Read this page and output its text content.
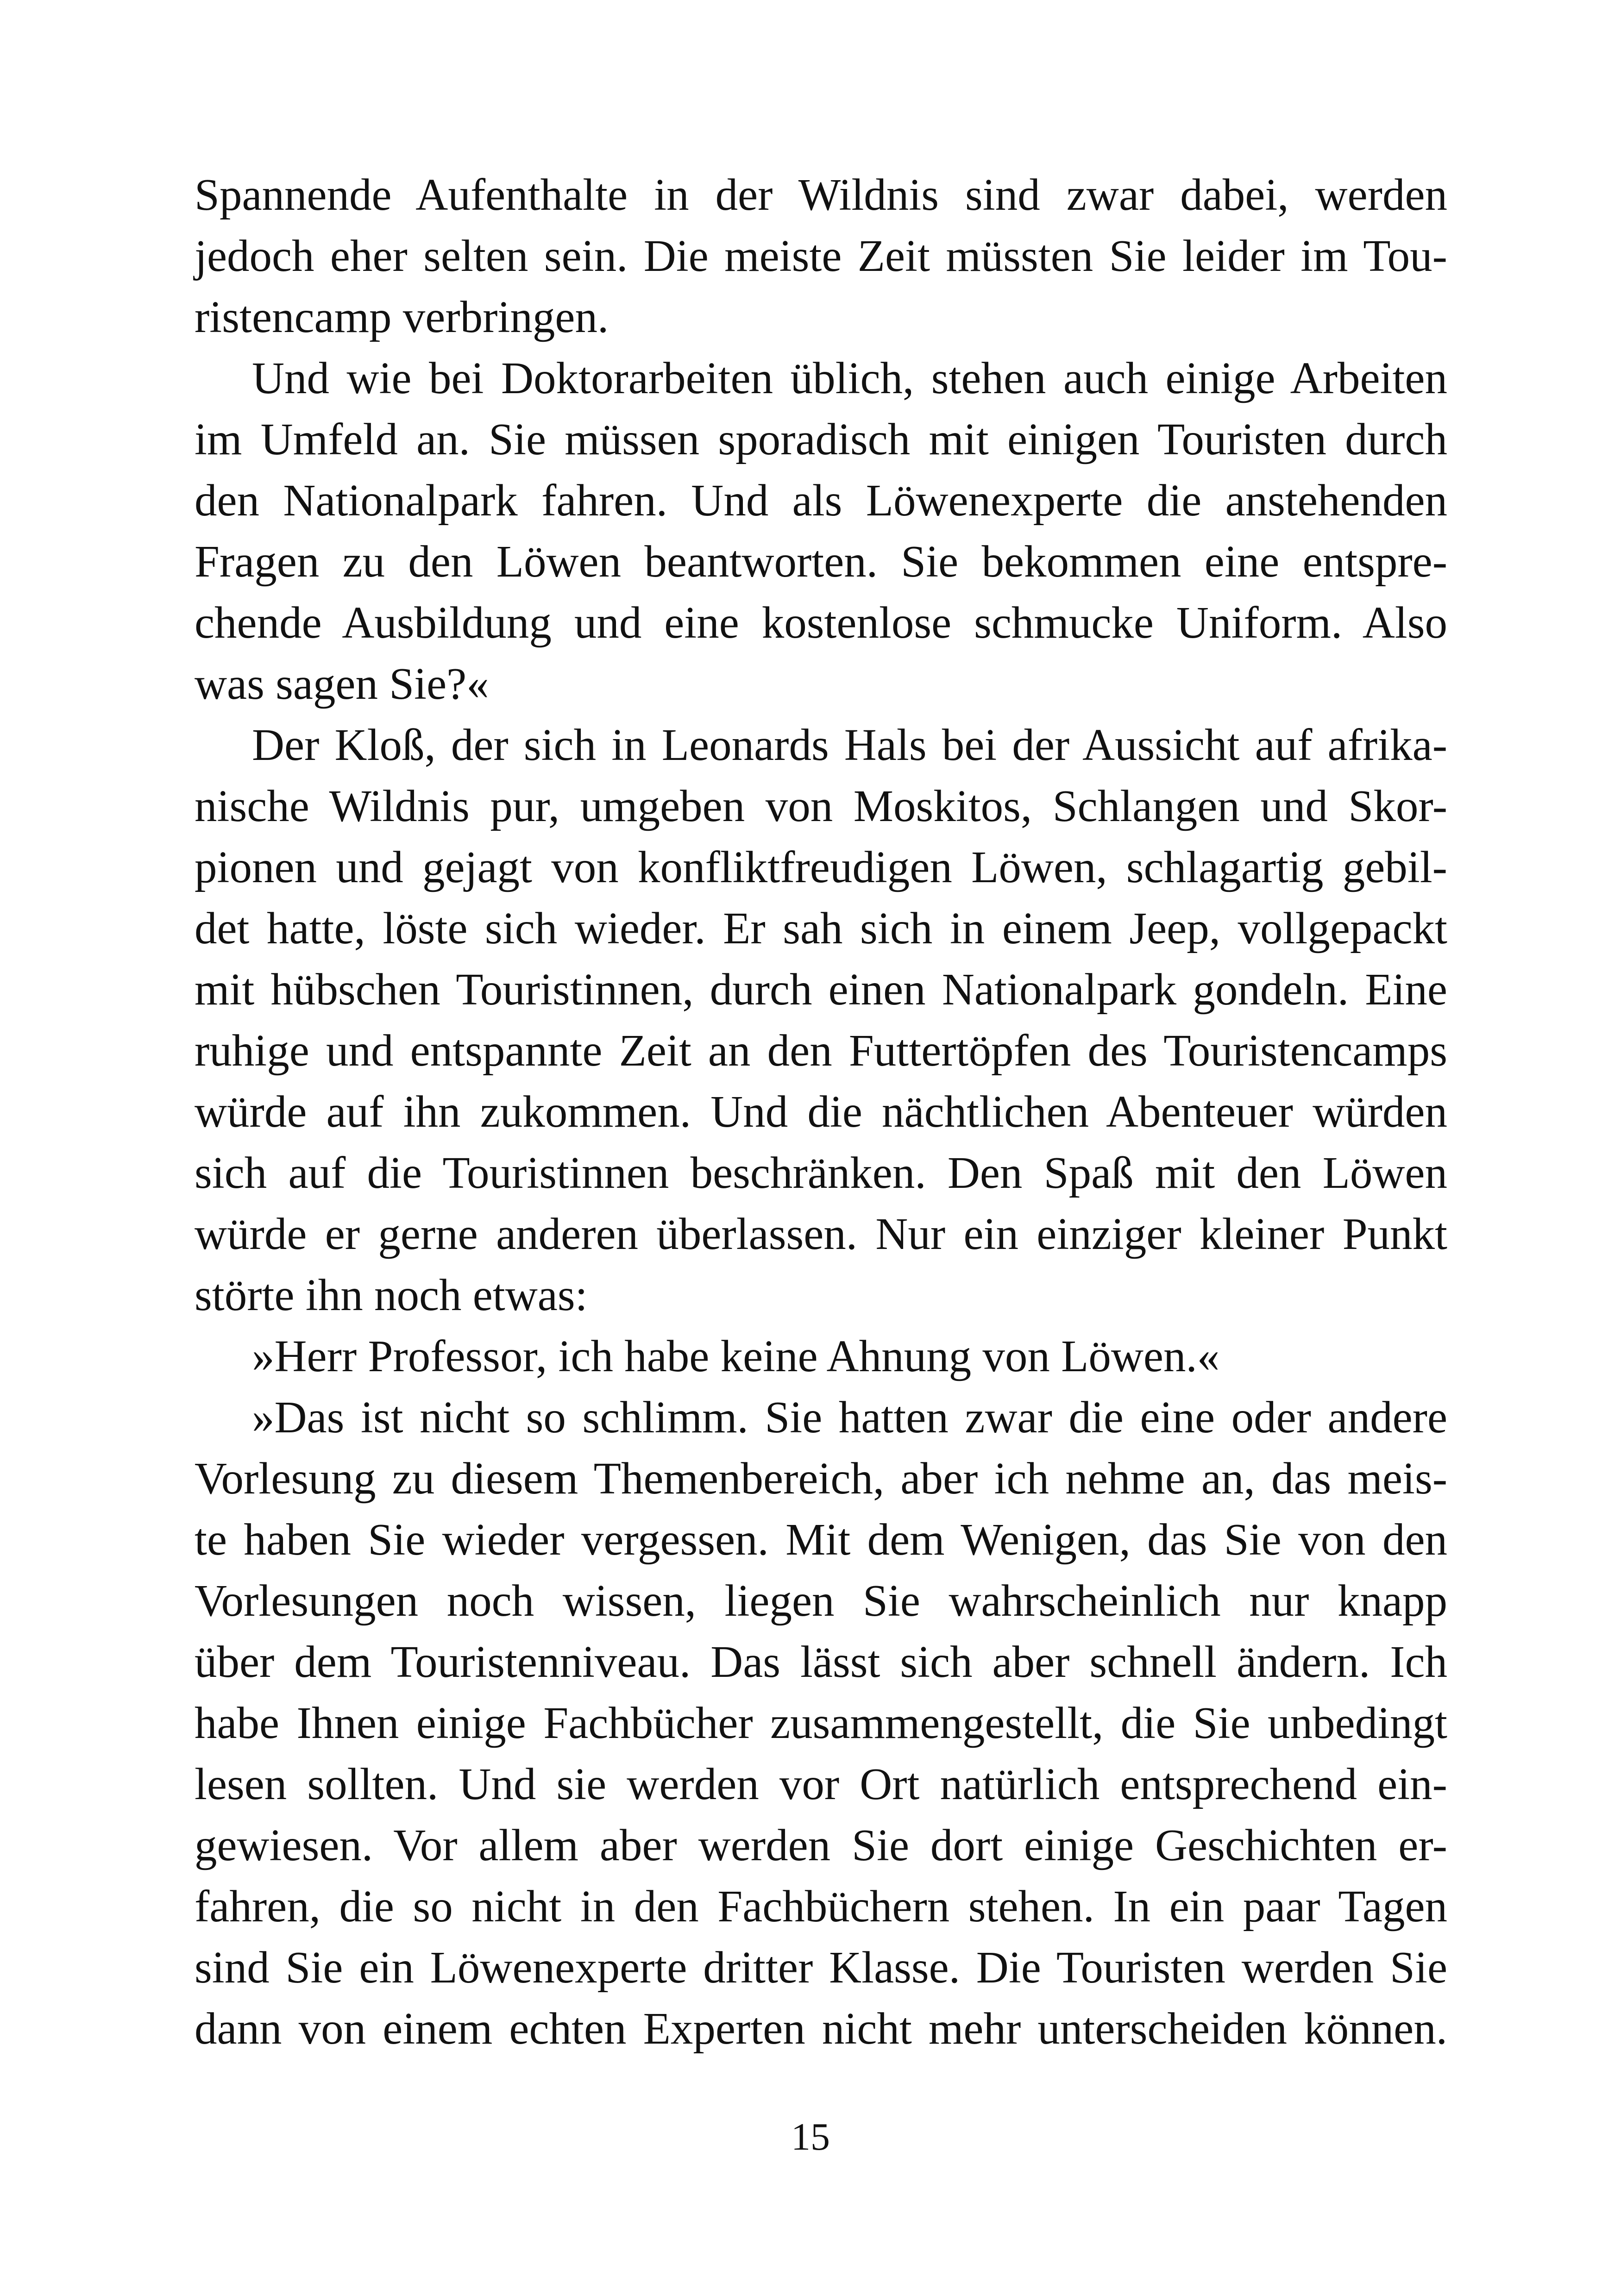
Spannende Aufenthalte in der Wildnis sind zwar dabei, werden
jedoch eher selten sein. Die meiste Zeit müssten Sie leider im Tou-
ristencamp verbringen.
Und wie bei Doktorarbeiten üblich, stehen auch einige Arbeiten
im Umfeld an. Sie müssen sporadisch mit einigen Touristen durch
den Nationalpark fahren. Und als Löwenexperte die anstehenden
Fragen zu den Löwen beantworten. Sie bekommen eine entspre-
chende Ausbildung und eine kostenlose schmucke Uniform. Also
was sagen Sie?«
Der Kloß, der sich in Leonards Hals bei der Aussicht auf afrika-
nische Wildnis pur, umgeben von Moskitos, Schlangen und Skor-
pionen und gejagt von konfliktfreudigen Löwen, schlagartig gebil-
det hatte, löste sich wieder. Er sah sich in einem Jeep, vollgepackt
mit hübschen Touristinnen, durch einen Nationalpark gondeln. Eine
ruhige und entspannte Zeit an den Futtertöpfen des Touristencamps
würde auf ihn zukommen. Und die nächtlichen Abenteuer würden
sich auf die Touristinnen beschränken. Den Spaß mit den Löwen
würde er gerne anderen überlassen. Nur ein einziger kleiner Punkt
störte ihn noch etwas:
»Herr Professor, ich habe keine Ahnung von Löwen.«
»Das ist nicht so schlimm. Sie hatten zwar die eine oder andere
Vorlesung zu diesem Themenbereich, aber ich nehme an, das meis-
te haben Sie wieder vergessen. Mit dem Wenigen, das Sie von den
Vorlesungen noch wissen, liegen Sie wahrscheinlich nur knapp
über dem Touristenniveau. Das lässt sich aber schnell ändern. Ich
habe Ihnen einige Fachbücher zusammengestellt, die Sie unbedingt
lesen sollten. Und sie werden vor Ort natürlich entsprechend ein-
gewiesen. Vor allem aber werden Sie dort einige Geschichten er-
fahren, die so nicht in den Fachbüchern stehen. In ein paar Tagen
sind Sie ein Löwenexperte dritter Klasse. Die Touristen werden Sie
dann von einem echten Experten nicht mehr unterscheiden können.
15
